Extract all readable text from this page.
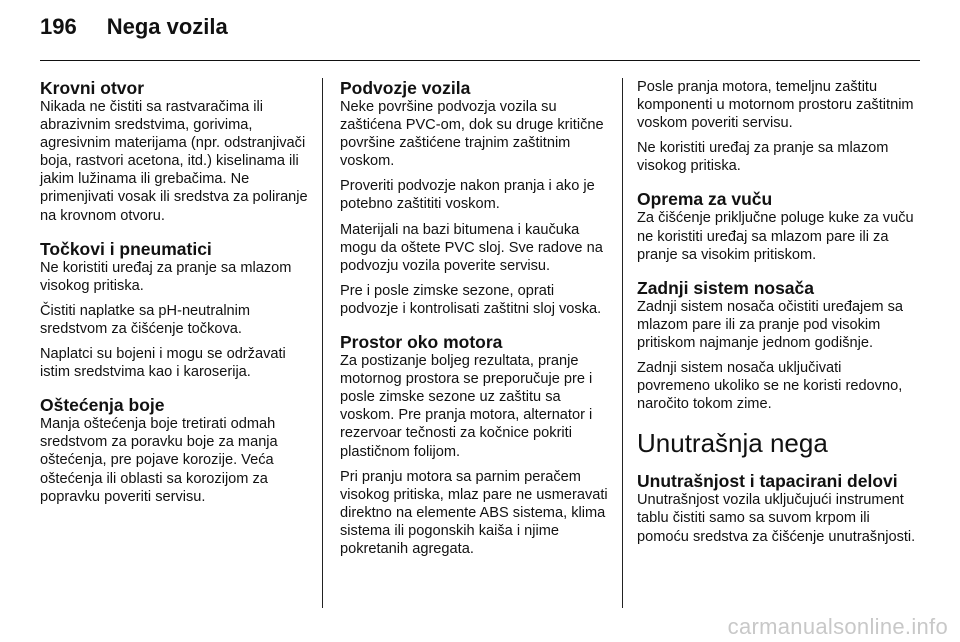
196 Nega vozila

Krovni otvor

Nikada ne čistiti sa rastvaračima ili abrazivnim sredstvima, gorivima, agresivnim materijama (npr. odstranjivači boja, rastvori acetona, itd.) kiselinama ili jakim lužinama ili grebačima. Ne primenjivati vosak ili sredstva za poliranje na krovnom otvoru.

Točkovi i pneumatici

Ne koristiti uređaj za pranje sa mlazom visokog pritiska.

Čistiti naplatke sa pH-neutralnim sredstvom za čišćenje točkova.

Naplatci su bojeni i mogu se održavati istim sredstvima kao i karoserija.

Oštećenja boje

Manja oštećenja boje tretirati odmah sredstvom za poravku boje za manja oštećenja, pre pojave korozije. Veća oštećenja ili oblasti sa korozijom za popravku poveriti servisu.

Podvozje vozila

Neke površine podvozja vozila su zaštićena PVC-om, dok su druge kritične površine zaštićene trajnim zaštitnim voskom.

Proveriti podvozje nakon pranja i ako je potebno zaštititi voskom.

Materijali na bazi bitumena i kaučuka mogu da oštete PVC sloj. Sve radove na podvozju vozila poverite servisu.

Pre i posle zimske sezone, oprati podvozje i kontrolisati zaštitni sloj voska.

Prostor oko motora

Za postizanje boljeg rezultata, pranje motornog prostora se preporučuje pre i posle zimske sezone uz zaštitu sa voskom. Pre pranja motora, alternator i rezervoar tečnosti za kočnice pokriti plastičnom folijom.

Pri pranju motora sa parnim peračem visokog pritiska, mlaz pare ne usmeravati direktno na elemente ABS sistema, klima sistema ili pogonskih kaiša i njime pokretanih agregata.

Posle pranja motora, temeljnu zaštitu komponenti u motornom prostoru zaštitnim voskom poveriti servisu.

Ne koristiti uređaj za pranje sa mlazom visokog pritiska.

Oprema za vuču

Za čišćenje priključne poluge kuke za vuču ne koristiti uređaj sa mlazom pare ili za pranje sa visokim pritiskom.

Zadnji sistem nosača

Zadnji sistem nosača očistiti uređajem sa mlazom pare ili za pranje pod visokim pritiskom najmanje jednom godišnje.

Zadnji sistem nosača uključivati povremeno ukoliko se ne koristi redovno, naročito tokom zime.

Unutrašnja nega

Unutrašnjost i tapacirani delovi

Unutrašnjost vozila uključujući instrument tablu čistiti samo sa suvom krpom ili pomoću sredstva za čišćenje unutrašnjosti.

carmanualsonline.info
